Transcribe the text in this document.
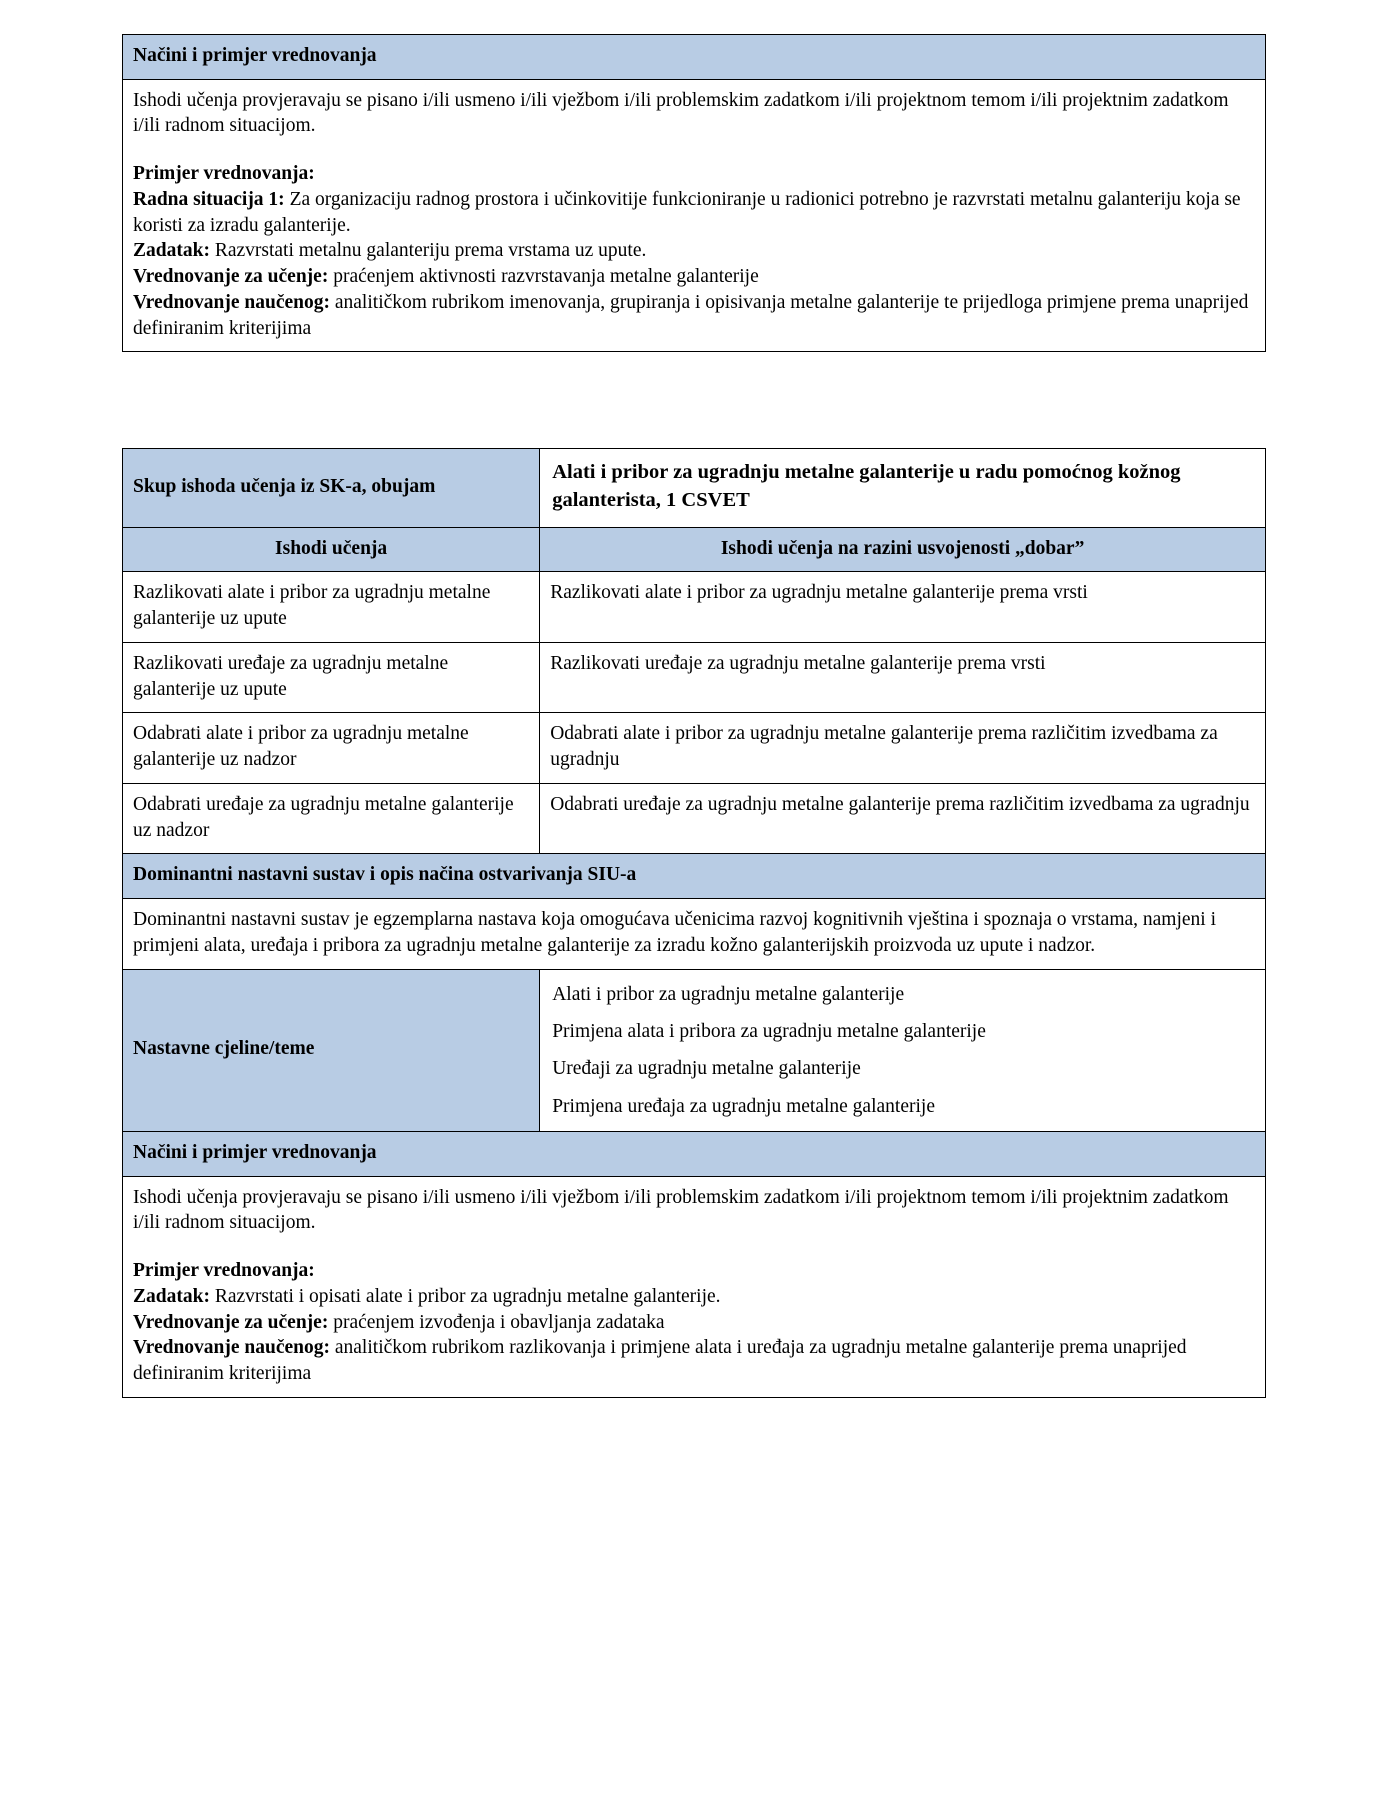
Načini i primjer vrednovanja

Ishodi učenja provjeravaju se pisano i/ili usmeno i/ili vježbom i/ili problemskim zadatkom i/ili projektnom temom i/ili projektnim zadatkom i/ili radnom situacijom.

Primjer vrednovanja:

Radna situacija 1: Za organizaciju radnog prostora i učinkovitije funkcioniranje u radionici potrebno je razvrstati metalnu galanteriju koja se koristi za izradu galanterije.

Zadatak: Razvrstati metalnu galanteriju prema vrstama uz upute.

Vrednovanje za učenje: praćenjem aktivnosti razvrstavanja metalne galanterije

Vrednovanje naučenog: analitičkom rubrikom imenovanja, grupiranja i opisivanja metalne galanterije te prijedloga primjene prema unaprijed definiranim kriterijima

Skup ishoda učenja iz SK-a, obujam	Alati i pribor za ugradnju metalne galanterije u radu pomoćnog kožnog galanterista, 1 CSVET
Ishodi učenja	Ishodi učenja na razini usvojenosti „dobar”
Razlikovati alate i pribor za ugradnju metalne galanterije uz upute	Razlikovati alate i pribor za ugradnju metalne galanterije prema vrsti
Razlikovati uređaje za ugradnju metalne galanterije uz upute	Razlikovati uređaje za ugradnju metalne galanterije prema vrsti
Odabrati alate i pribor za ugradnju metalne galanterije uz nadzor	Odabrati alate i pribor za ugradnju metalne galanterije prema različitim izvedbama za ugradnju
Odabrati uređaje za ugradnju metalne galanterije uz nadzor	Odabrati uređaje za ugradnju metalne galanterije prema različitim izvedbama za ugradnju
Dominantni nastavni sustav i opis načina ostvarivanja SIU-a	
Dominantni nastavni sustav je egzemplarna nastava koja omogućava učenicima razvoj kognitivnih vještina i spoznaja o vrstama, namjeni i primjeni alata, uređaja i pribora za ugradnju metalne galanterije za izradu kožno galanterijskih proizvoda uz upute i nadzor.	
Nastavne cjeline/teme	
Alati i pribor za ugradnju metalne galanterije
Primjena alata i pribora za ugradnju metalne galanterije
Uređaji za ugradnju metalne galanterije
Primjena uređaja za ugradnju metalne galanterije

Načini i primjer vrednovanja	

Ishodi učenja provjeravaju se pisano i/ili usmeno i/ili vježbom i/ili problemskim zadatkom i/ili projektnom temom i/ili projektnim zadatkom i/ili radnom situacijom.

Primjer vrednovanja:

Zadatak: Razvrstati i opisati alate i pribor za ugradnju metalne galanterije.

Vrednovanje za učenje: praćenjem izvođenja i obavljanja zadataka

Vrednovanje naučenog: analitičkom rubrikom razlikovanja i primjene alata i uređaja za ugradnju metalne galanterije prema unaprijed definiranim kriterijima	
